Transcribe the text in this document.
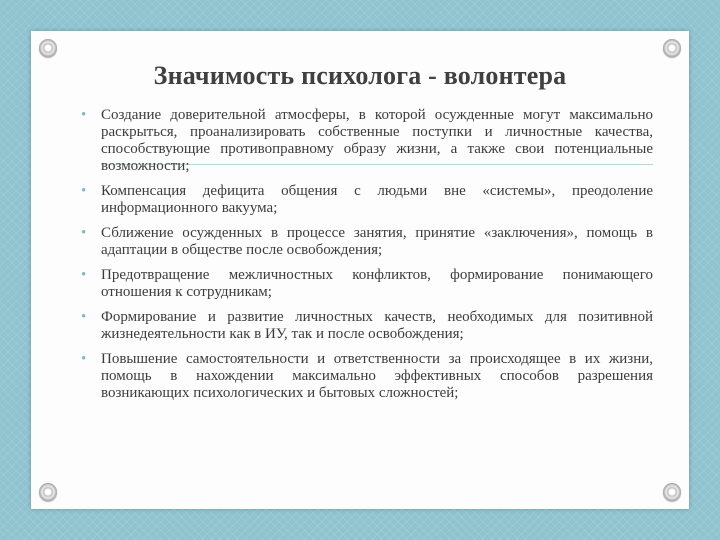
Значимость психолога - волонтера
• Создание доверительной атмосферы, в которой осужденные могут максимально раскрыться, проанализировать собственные поступки и личностные качества, способствующие противоправному образу жизни, а также свои потенциальные возможности;
• Компенсация дефицита общения с людьми вне «системы», преодоление информационного вакуума;
• Сближение осужденных в процессе занятия, принятие «заключения», помощь в адаптации в обществе после освобождения;
• Предотвращение межличностных конфликтов, формирование понимающего отношения к сотрудникам;
• Формирование и развитие личностных качеств, необходимых для позитивной жизнедеятельности как в ИУ, так и после освобождения;
• Повышение самостоятельности и ответственности за происходящее в их жизни, помощь в нахождении максимально эффективных способов разрешения возникающих психологических и бытовых сложностей;
